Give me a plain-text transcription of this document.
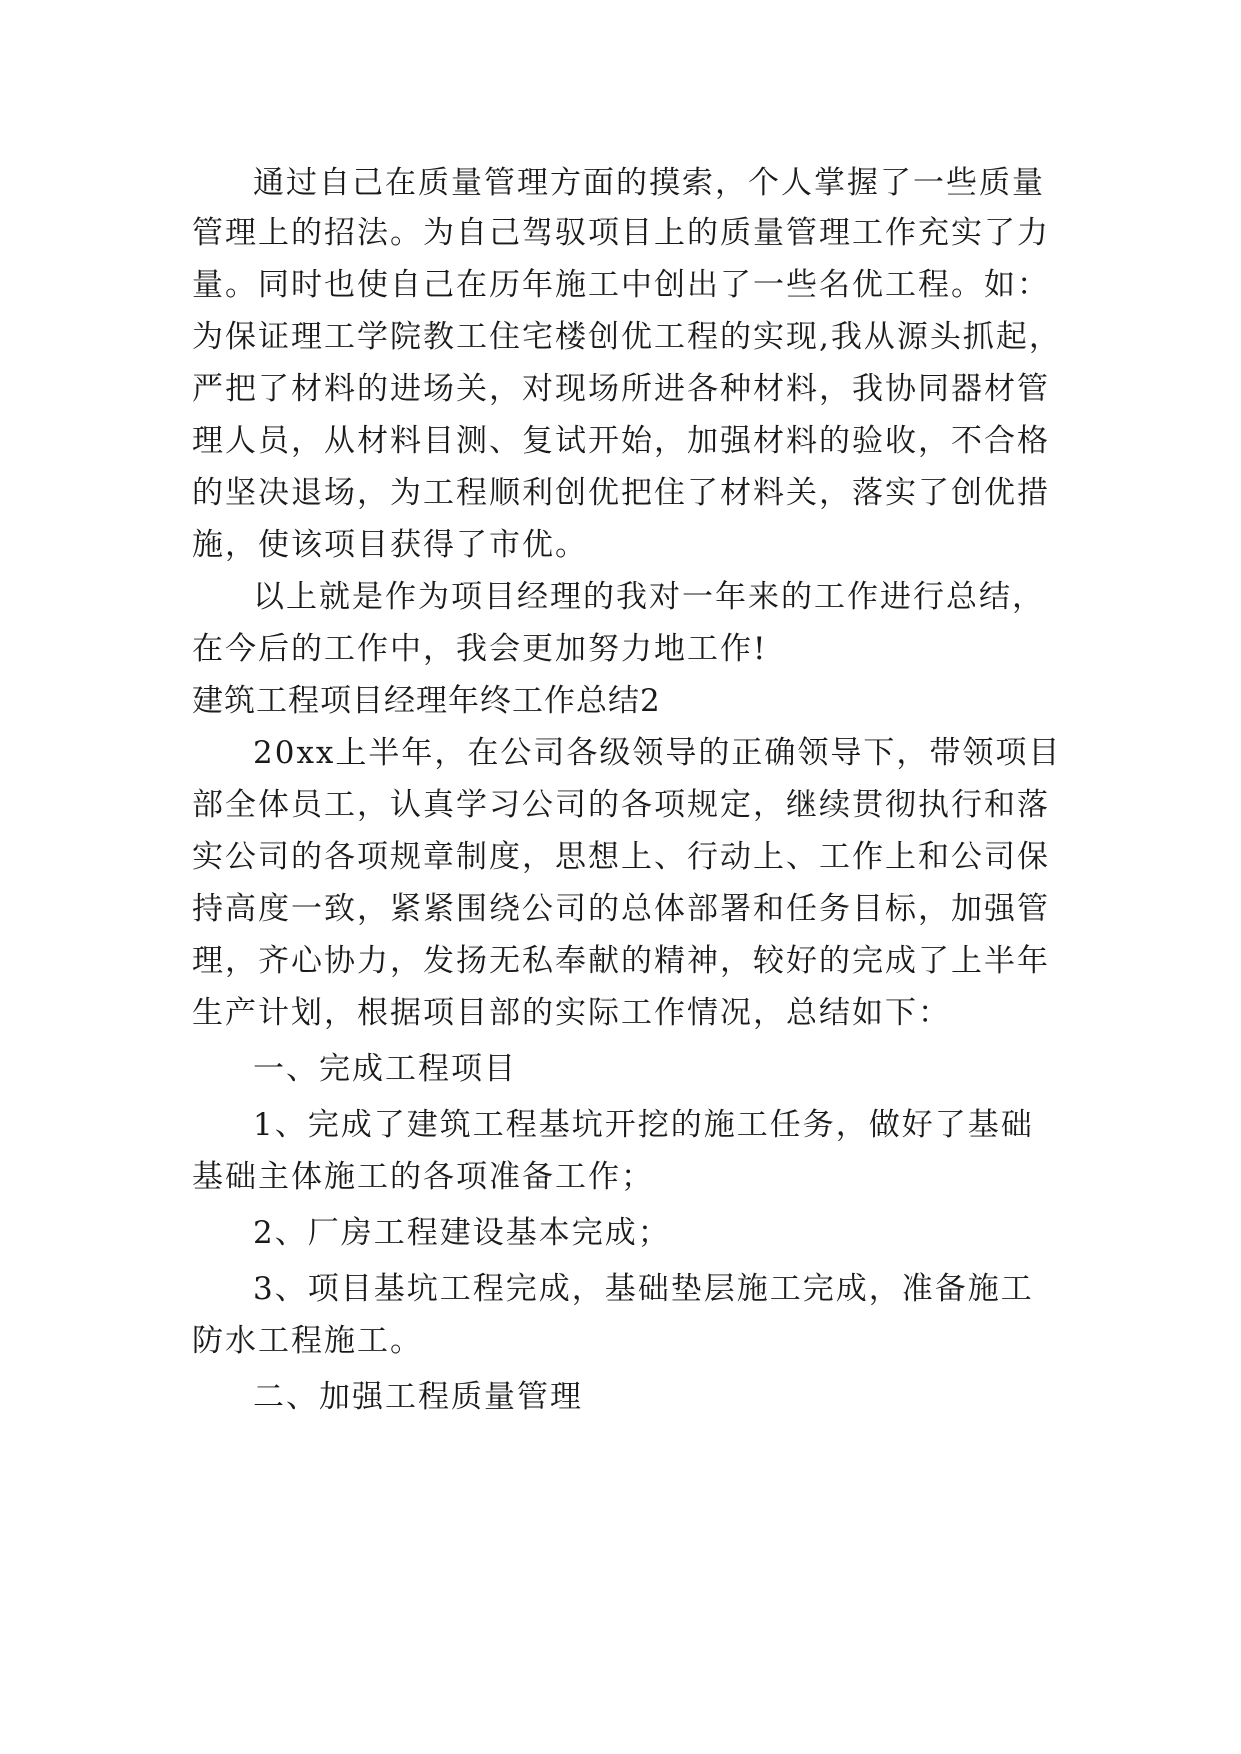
通过自己在质量管理方面的摸索，个人掌握了一些质量
管理上的招法。为自己驾驭项目上的质量管理工作充实了力
量。同时也使自己在历年施工中创出了一些名优工程。如：
为保证理工学院教工住宅楼创优工程的实现,我从源头抓起，
严把了材料的进场关，对现场所进各种材料，我协同器材管
理人员，从材料目测、复试开始，加强材料的验收，不合格
的坚决退场，为工程顺利创优把住了材料关，落实了创优措
施，使该项目获得了市优。
以上就是作为项目经理的我对一年来的工作进行总结，
在今后的工作中，我会更加努力地工作!
建筑工程项目经理年终工作总结2
20xx上半年，在公司各级领导的正确领导下，带领项目
部全体员工，认真学习公司的各项规定，继续贯彻执行和落
实公司的各项规章制度，思想上、行动上、工作上和公司保
持高度一致，紧紧围绕公司的总体部署和任务目标，加强管
理，齐心协力，发扬无私奉献的精神，较好的完成了上半年
生产计划，根据项目部的实际工作情况，总结如下：
一、完成工程项目
1、完成了建筑工程基坑开挖的施工任务，做好了基础
基础主体施工的各项准备工作；
2、厂房工程建设基本完成；
3、项目基坑工程完成，基础垫层施工完成，准备施工
防水工程施工。
二、加强工程质量管理
